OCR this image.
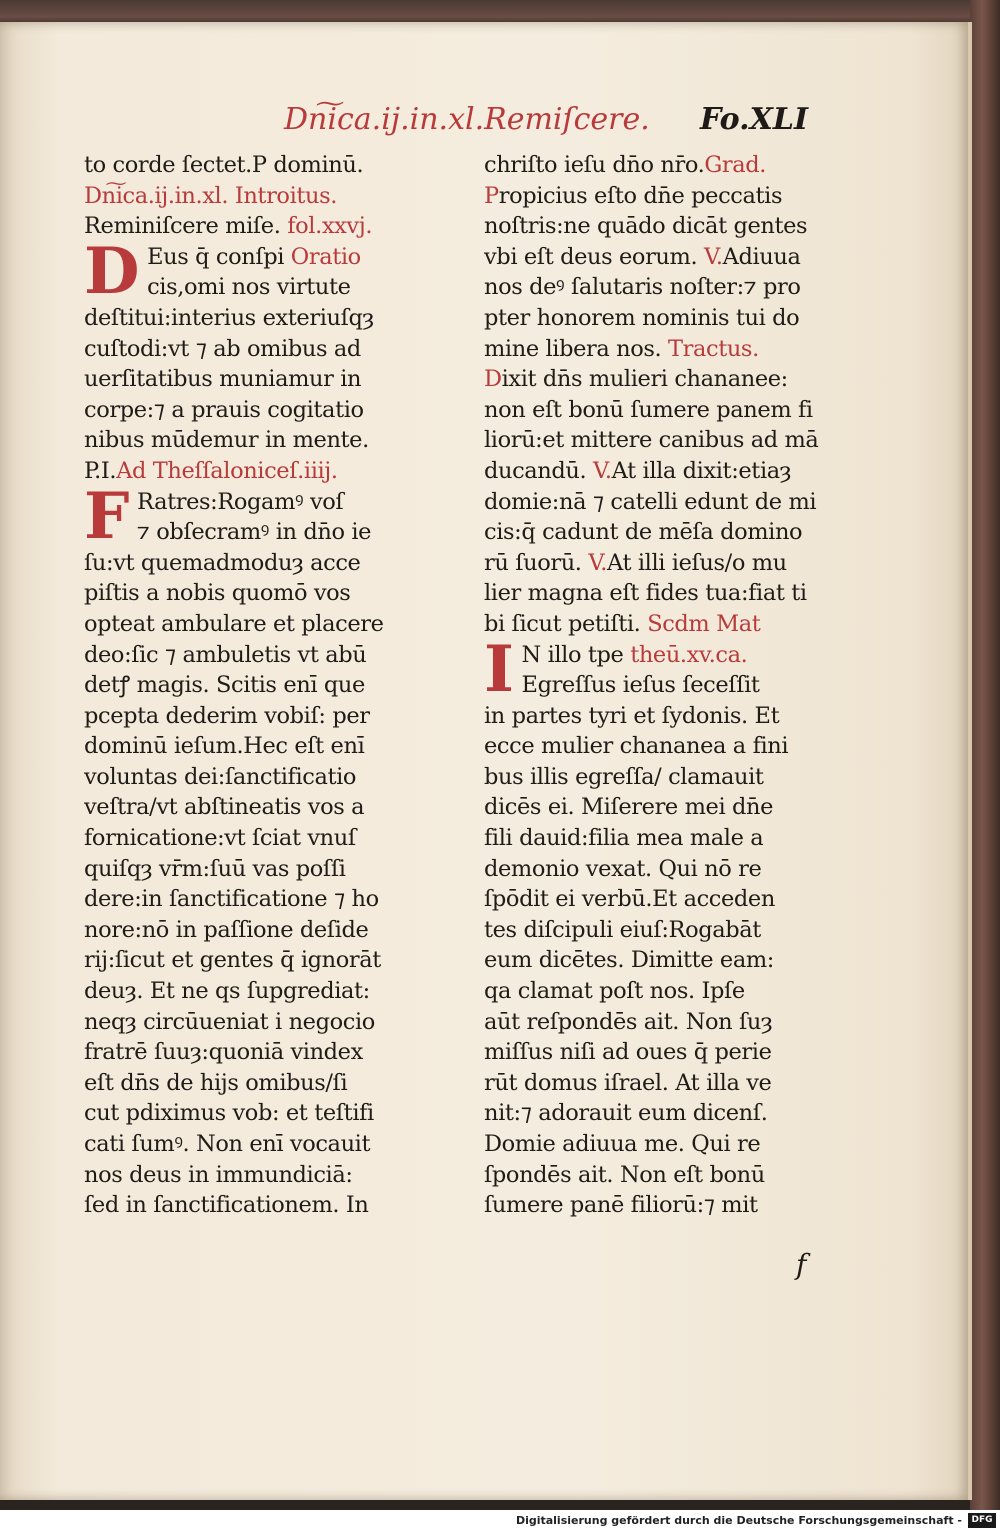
Dn͠ica.ij.in.xl.Remiſcere. Fo.XLI
to corde ſectet.P dominū.
Dn͠ica.ij.in.xl. Introitus.
Reminiſcere miſe. fol.xxvj.
D Eus q̄ conſpi Oratio
cis,omi nos virtute
deſtitui:interius exteriuſqȝ
cuſtodi:vt ⁊ ab omibus ad
uerſitatibus muniamur in
corpe:⁊ a prauis cogitatio
nibus mūdemur in mente.
P.I.Ad Theſſaloniceſ.iiij.
F Ratres:Rogamꝰ voſ
⁊ obſecramꝰ in dn̄o ie
ſu:vt quemadmoduȝ acce
piſtis a nobis quomō vos
opteat ambulare et placere
deo:ſic ⁊ ambuletis vt abū
detꝭ magis. Scitis enī que
pcepta dederim vobiſ: per
dominū ieſum.Hec eſt enī
voluntas dei:ſanctificatio
veſtra/vt abſtineatis vos a
fornicatione:vt ſciat vnuſ
quiſqȝ vr̄m:ſuū vas poſſi
dere:in ſanctificatione ⁊ ho
nore:nō in paſſione deſide
rij:ſicut et gentes q̄ ignorāt
deuȝ. Et ne qs ſupgrediat:
neqȝ circūueniat i negocio
fratrē ſuuȝ:quoniā vindex
eſt dn̄s de hijs omibus/ſi
cut pdiximus vob: et teſtifi
cati ſumꝰ. Non enī vocauit
nos deus in immundiciā:
ſed in ſanctificationem. In
chriſto ieſu dn̄o nr̄o.Grad.
Propicius eſto dn̄e peccatis
noſtris:ne quādo dicāt gentes
vbi eſt deus eorum. V.Adiuua
nos deꝰ ſalutaris noſter:⁊ pro
pter honorem nominis tui do
mine libera nos. Tractus.
Dixit dn̄s mulieri chananee:
non eſt bonū ſumere panem fi
liorū:et mittere canibus ad mā
ducandū. V.At illa dixit:etiaȝ
domie:nā ⁊ catelli edunt de mi
cis:q̄ cadunt de mēſa domino
rū ſuorū. V.At illi ieſus/o mu
lier magna eſt fides tua:fiat ti
bi ſicut petiſti. Scdm Mat
I N illo tpe theū.xv.ca.
Egreſſus ieſus ſeceſſit
in partes tyri et ſydonis. Et
ecce mulier chananea a fini
bus illis egreſſa/ clamauit
dicēs ei. Miſerere mei dn̄e
fili dauid:filia mea male a
demonio vexat. Qui nō re
ſpōdit ei verbū.Et acceden
tes diſcipuli eiuſ:Rogabāt
eum dicētes. Dimitte eam:
qa clamat poſt nos. Ipſe
aūt reſpondēs ait. Non ſuȝ
miſſus niſi ad oues q̄ perie
rūt domus iſrael. At illa ve
nit:⁊ adorauit eum dicenſ.
Domie adiuua me. Qui re
ſpondēs ait. Non eſt bonū
ſumere panē filiorū:⁊ mit
f
Digitalisierung gefördert durch die Deutsche Forschungsgemeinschaft -	DFG
